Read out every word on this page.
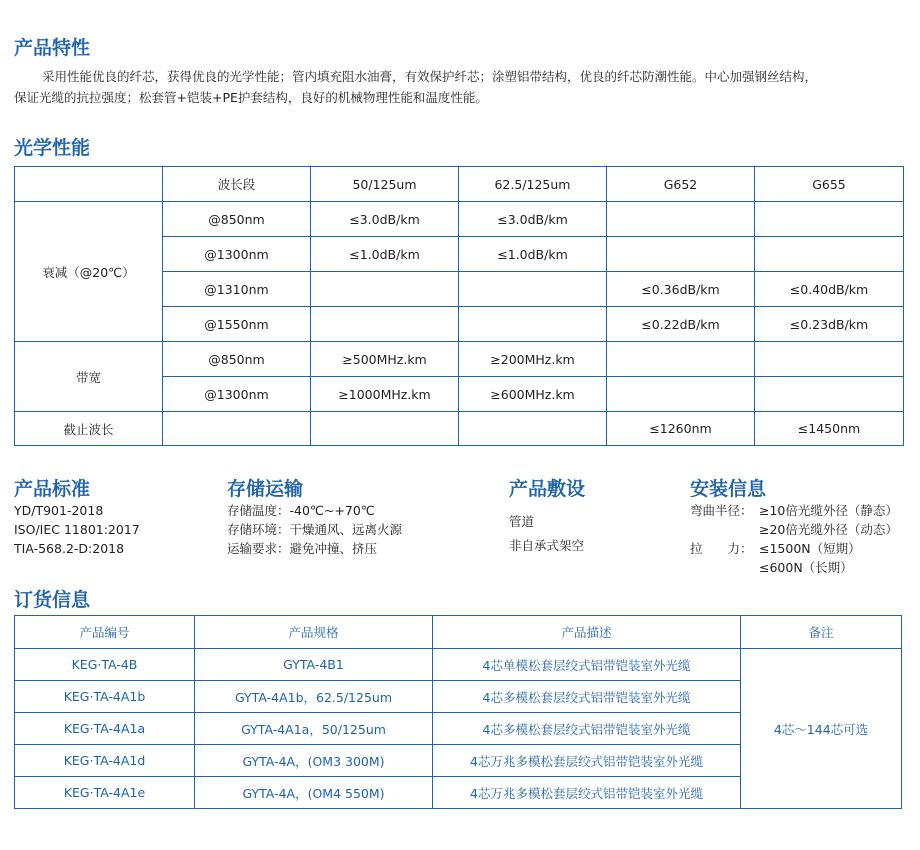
产品特性
采用性能优良的纤芯，获得优良的光学性能；管内填充阻水油膏，有效保护纤芯；涂塑铝带结构，优良的纤芯防潮性能。中心加强钢丝结构，
保证光缆的抗拉强度；松套管+铠装+PE护套结构，良好的机械物理性能和温度性能。
光学性能
	波长段	50/125um	62.5/125um	G652	G655
衰减（@20℃）	@850nm	≤3.0dB/km	≤3.0dB/km		
	@1300nm	≤1.0dB/km	≤1.0dB/km		
	@1310nm			≤0.36dB/km	≤0.40dB/km
	@1550nm			≤0.22dB/km	≤0.23dB/km
带宽	@850nm	≥500MHz.km	≥200MHz.km		
	@1300nm	≥1000MHz.km	≥600MHz.km		
截止波长				≤1260nm	≤1450nm
产品标准
YD/T901-2018
ISO/IEC 11801:2017
TIA-568.2-D:2018
存储运输
存储温度：-40℃~+70℃
存储环境：干燥通风、远离火源
运输要求：避免冲撞、挤压
产品敷设
管道
非自承式架空
安装信息
弯曲半径： ≥10倍光缆外径（静态）
≥20倍光缆外径（动态）
拉　　力： ≤1500N（短期）
≤600N（长期）
订货信息
产品编号	产品规格	产品描述	备注
KEG·TA-4B	GYTA-4B1	4芯单模松套层绞式铝带铠装室外光缆	4芯～144芯可选
KEG·TA-4A1b	GYTA-4A1b，62.5/125um	4芯多模松套层绞式铝带铠装室外光缆	
KEG·TA-4A1a	GYTA-4A1a，50/125um	4芯多模松套层绞式铝带铠装室外光缆	
KEG·TA-4A1d	GYTA-4A，(OM3 300M)	4芯万兆多模松套层绞式铝带铠装室外光缆	
KEG·TA-4A1e	GYTA-4A，(OM4 550M)	4芯万兆多模松套层绞式铝带铠装室外光缆	
